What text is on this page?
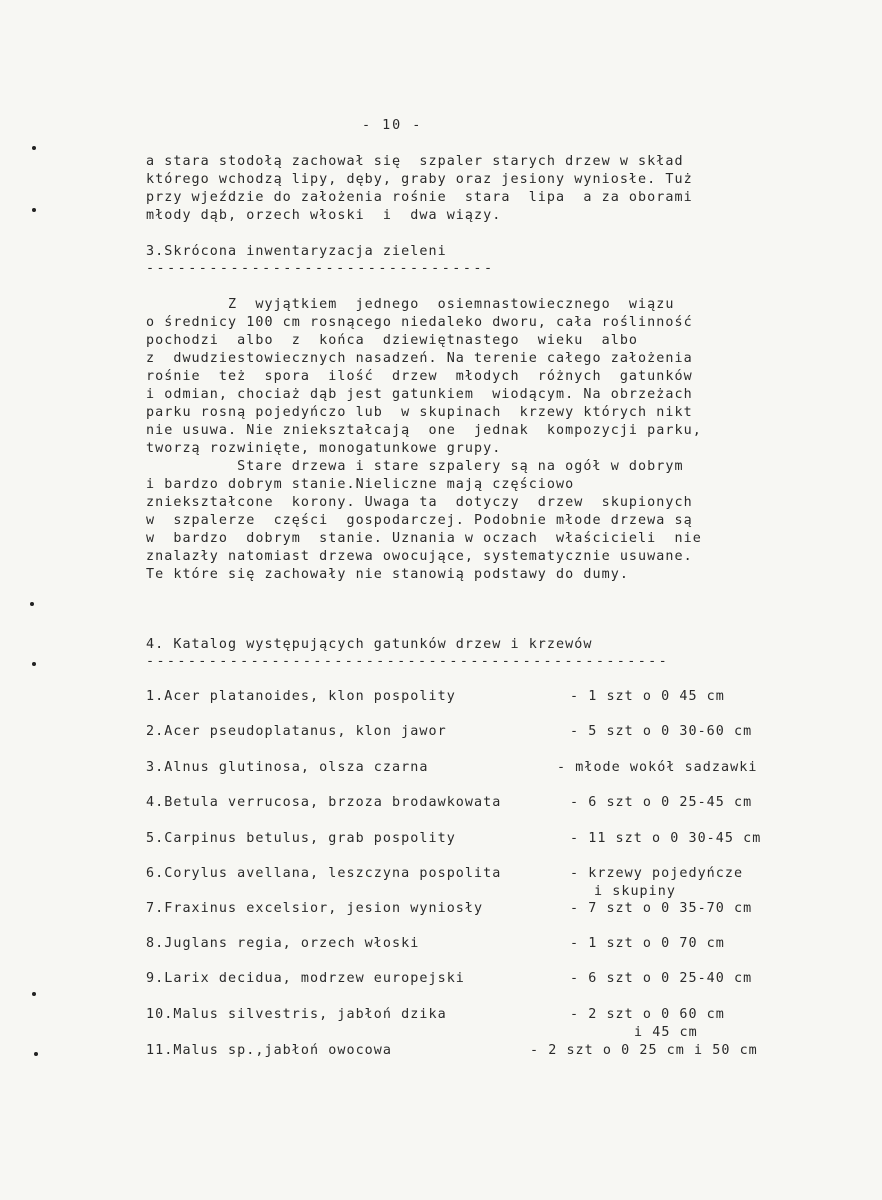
- 10 -
a stara stodołą zachował się  szpaler starych drzew w skład
którego wchodzą lipy, dęby, graby oraz jesiony wyniosłe. Tuż
przy wjeździe do założenia rośnie  stara  lipa  a za oborami
młody dąb, orzech włoski  i  dwa wiązy.
3.Skrócona inwentaryzacja zieleni
---------------------------------
Z  wyjątkiem  jednego  osiemnastowiecznego  wiązu
o średnicy 100 cm rosnącego niedaleko dworu, cała roślinność
pochodzi  albo  z  końca  dziewiętnastego  wieku  albo
z  dwudziestowiecznych nasadzeń. Na terenie całego założenia
rośnie  też  spora  ilość  drzew  młodych  różnych  gatunków
i odmian, chociaż dąb jest gatunkiem  wiodącym. Na obrzeżach
parku rosną pojedyńczo lub  w skupinach  krzewy których nikt
nie usuwa. Nie zniekształcają  one  jednak  kompozycji parku,
tworzą rozwinięte, monogatunkowe grupy.
Stare drzewa i stare szpalery są na ogół w dobrym
i bardzo dobrym stanie.Nieliczne mają częściowo
zniekształcone  korony. Uwaga ta  dotyczy  drzew  skupionych
w  szpalerze  części  gospodarczej. Podobnie młode drzewa są
w  bardzo  dobrym  stanie. Uznania w oczach  właścicieli  nie
znalazły natomiast drzewa owocujące, systematycznie usuwane.
Te które się zachowały nie stanowią podstawy do dumy.
4. Katalog występujących gatunków drzew i krzewów
--------------------------------------------------
1.Acer platanoides, klon pospolity	- 1 szt o 0 45 cm
2.Acer pseudoplatanus, klon jawor	- 5 szt o 0 30-60 cm
3.Alnus glutinosa, olsza czarna	- młode wokół sadzawki
4.Betula verrucosa, brzoza brodawkowata	- 6 szt o 0 25-45 cm
5.Carpinus betulus, grab pospolity	- 11 szt o 0 30-45 cm
6.Corylus avellana, leszczyna pospolita	- krzewy pojedyńcze
i skupiny
7.Fraxinus excelsior, jesion wyniosły	- 7 szt o 0 35-70 cm
8.Juglans regia, orzech włoski	- 1 szt o 0 70 cm
9.Larix decidua, modrzew europejski	- 6 szt o 0 25-40 cm
10.Malus silvestris, jabłoń dzika	- 2 szt o 0 60 cm
i 45 cm
11.Malus sp.,jabłoń owocowa	- 2 szt o 0 25 cm i 50 cm
